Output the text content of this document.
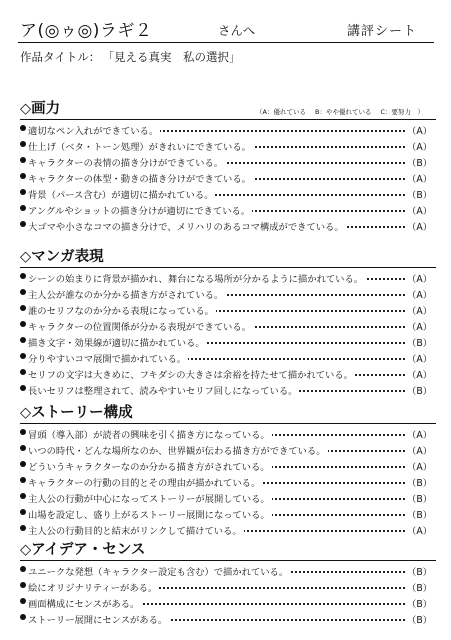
ア(◎ゥ◎)ラギ２	さんへ	講評シート
作品タイトル： 「見える真実　私の選択」
◇画力	（A：優れている B：やや優れている C：要努力　）
適切なペン入れができている。	（A）
仕上げ（ベタ・トーン処理）がきれいにできている。	（A）
キャラクターの表情の描き分けができている。	（B）
キャラクターの体型・動きの描き分けができている。	（A）
背景（パース含む）が適切に描かれている。	（B）
アングルやショットの描き分けが適切にできている。	（A）
大ゴマや小さなコマの描き分けで、メリハリのあるコマ構成ができている。	（A）
◇マンガ表現
シーンの始まりに背景が描かれ、舞台になる場所が分かるように描かれている。	（A）
主人公が誰なのか分かる描き方がされている。	（A）
誰のセリフなのか分かる表現になっている。	（A）
キャラクターの位置関係が分かる表現ができている。	（A）
描き文字・効果線が適切に描かれている。	（B）
分りやすいコマ展開で描かれている。	（A）
セリフの文字は大きめに、フキダシの大きさは余裕を持たせて描かれている。	（A）
長いセリフは整理されて、読みやすいセリフ回しになっている。	（B）
◇ストーリー構成
冒頭（導入部）が読者の興味を引く描き方になっている。	（A）
いつの時代・どんな場所なのか、世界観が伝わる描き方ができている。	（A）
どういうキャラクターなのか分かる描き方がされている。	（A）
キャラクターの行動の目的とその理由が描かれている。	（B）
主人公の行動が中心になってストーリーが展開している。	（B）
山場を設定し、盛り上がるストーリー展開になっている。	（B）
主人公の行動目的と結末がリンクして描けている。	（A）
◇アイデア・センス
ユニークな発想（キャラクター設定も含む）で描かれている。	（B）
絵にオリジナリティーがある。	（B）
画面構成にセンスがある。	（B）
ストーリー展開にセンスがある。	（B）
